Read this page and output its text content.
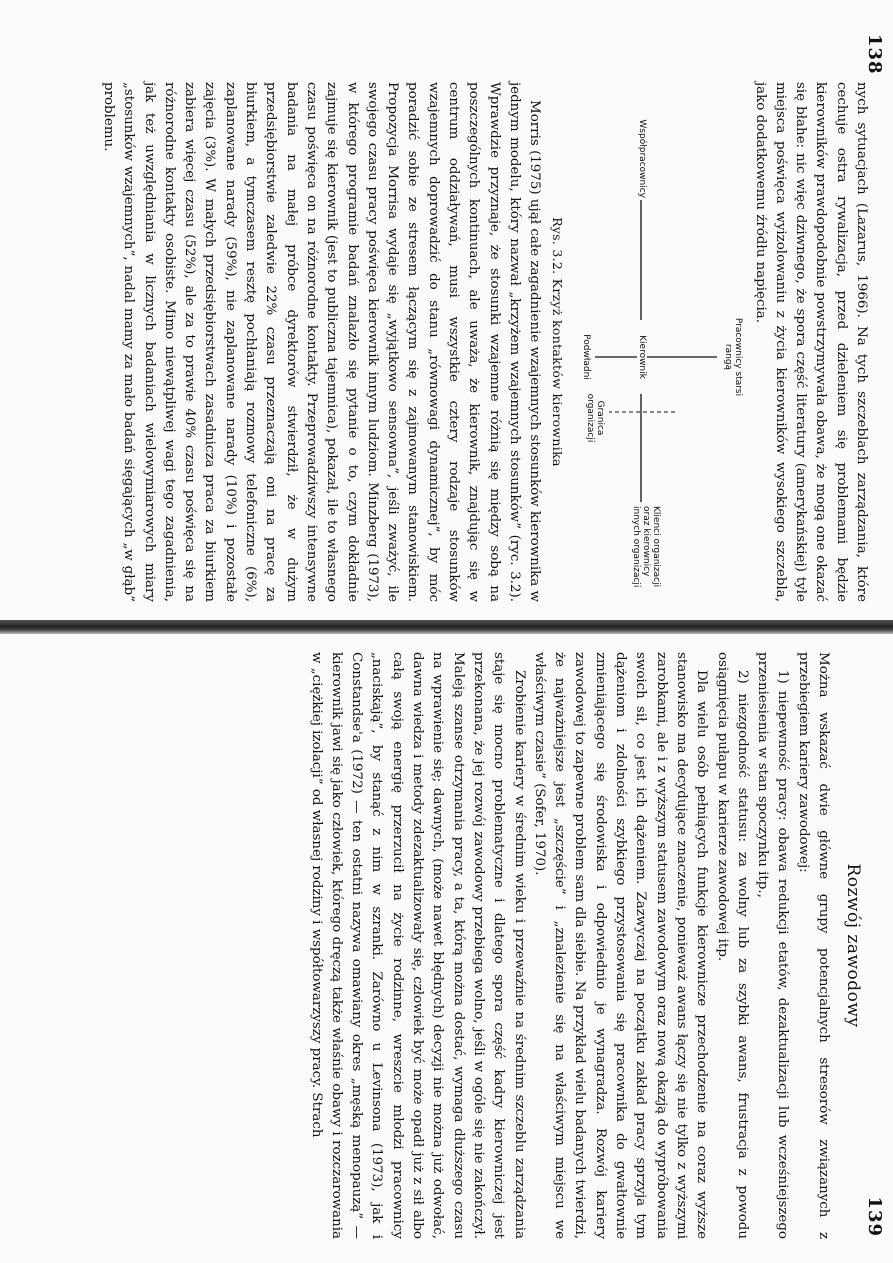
nych sytuacjach (Lazarus, 1966). Na tych szczeblach zarządzania, które cechuje ostra rywalizacja, przed dzieleniem się problemami będzie kierowników prawdopodobnie powstrzymywała obawa, że mogą one okazać się błahe: nic więc dziwnego, że spora część literatury (amerykańskiej) tyle miejsca poświęca wyizolowaniu z życia kierowników wysokiego szczebla, jako dodatkowemu źródłu napięcia.

Współpracownicy
Kierownik	Pracownicy starsi rangą
Podwładni
Klienci organizacji oraz kierownicy innych organizacji
Granica organizacji
Rys. 3.2. Krzyż kontaktów kierownika

Morris (1975) ujął całe zagadnienie wzajemnych stosunków kierownika w jednym modelu, który nazwał „krzyżem wzajemnych stosunków” (ryc. 3.2). Wprawdzie przyznaje, że stosunki wzajemne różnią się między sobą na poszczególnych kontinuach, ale uważa, że kierownik, znajdując się w centrum oddziaływań, musi wszystkie cztery rodzaje stosunków wzajemnych doprowadzić do stanu „równowagi dynamicznej”, by móc poradzić sobie ze stresem łączącym się z zajmowanym stanowiskiem. Propozycja Morrisa wydaje się „wyjątkowo sensowna”, jeśli zważyć, ile swojego czasu pracy poświęca kierownik innym ludziom. Minzberg (1973), w którego programie badań znalazło się pytanie o to, czym dokładnie zajmuje się kierownik (jest to publiczna tajemnica), pokazał, ile to własnego czasu poświęca on na różnorodne kontakty. Przeprowadziwszy intensywne badania na małej próbce dyrektorów stwierdził, że w dużym przedsiębiorstwie zaledwie 22% czasu przeznaczają oni na pracę za biurkiem, a tymczasem resztę pochłaniają rozmowy telefoniczne (6%), zaplanowane narady (59%), nie zaplanowane narady (10%) i pozostałe zajęcia (3%). W małych przedsiębiorstwach zasadnicza praca za biurkiem zabiera więcej czasu (52%), ale za to prawie 40% czasu poświęca się na różnorodne kontakty osobiste. Mimo niewątpliwej wagi tego zagadnienia, jak też uwzględniania w licznych badaniach wielowymiarowych miary „stosunków wzajemnych”, nadal mamy za mało badań sięgających „w głąb” problemu.

138
Rozwój zawodowy

Można wskazać dwie główne grupy potencjalnych stresorów związanych z przebiegiem kariery zawodowej:

1) niepewność pracy: obawa redukcji etatów, dezaktualizacji lub wcześniejszego przeniesienia w stan spoczynku itp.,

2) niezgodność statusu: za wolny lub za szybki awans, frustracja z powodu osiągnięcia pułapu w karierze zawodowej itp.

Dla wielu osób pełniących funkcje kierownicze przechodzenie na coraz wyższe stanowisko ma decydujące znaczenie, ponieważ awans łączy się nie tylko z wyższymi zarobkami, ale i z wyższym statusem zawodowym oraz nową okazją do wypróbowania swoich sił, co jest ich dążeniem. Zazwyczaj na początku zakład pracy sprzyja tym dążeniom i zdolności szybkiego przystosowania się pracownika do gwałtownie zmieniającego się środowiska i odpowiednio je wynagradza. Rozwój kariery zawodowej to zapewne problem sam dla siebie. Na przykład wielu badanych twierdzi, że najważniejsze jest „szczęście” i „znalezienie się na właściwym miejscu we właściwym czasie” (Sofer, 1970).

Zrobienie kariery w średnim wieku i przewaźnie na średnim szczeblu zarządzania staje się mocno problematyczne i dlatego spora część kadry kierowniczej jest przekonana, że jej rozwój zawodowy przebiega wolno, jeśli w ogóle się nie zakończył. Maleją szanse otrzymania pracy, a ta, którą można dostać, wymaga dłuższego czasu na wprawienie się; dawnych, (może nawet błędnych) decyzji nie można już odwołać, dawna wiedza i metody zdezaktualizowały się, człowiek być może opadł już z sił albo całą swoją energię przerzucił na życie rodzinne, wreszcie młodzi pracownicy „naciskają”, by stanąć z nim w szranki. Zarówno u Levinsona (1973), jak i Constandse'a (1972) — ten ostatni nazywa omawiany okres „męską menopauzą” — kierownik jawi się jako człowiek, którego dręczą także właśnie obawy i rozczarowania w „ciężkiej izolacji” od własnej rodziny i współtowarzyszy pracy. Strach

139
